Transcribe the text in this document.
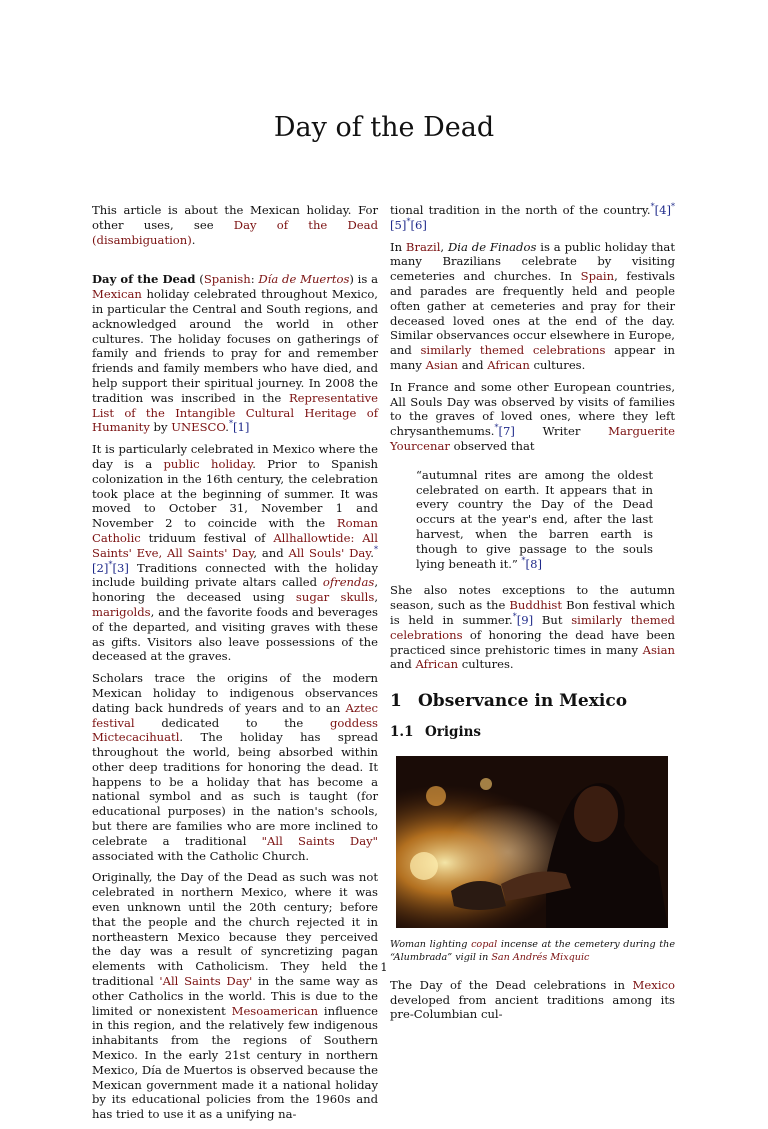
Day of the Dead

This article is about the Mexican holiday. For other uses, see Day of the Dead (disambiguation).

Day of the Dead (Spanish: Día de Muertos) is a Mexican holiday celebrated throughout Mexico, in particular the Central and South regions, and acknowledged around the world in other cultures. The holiday focuses on gatherings of family and friends to pray for and remember friends and family members who have died, and help support their spiritual journey. In 2008 the tradition was inscribed in the Representative List of the Intangible Cultural Heritage of Humanity by UNESCO.*[1]

It is particularly celebrated in Mexico where the day is a public holiday. Prior to Spanish colonization in the 16th century, the celebration took place at the beginning of summer. It was moved to October 31, November 1 and November 2 to coincide with the Roman Catholic triduum festival of Allhallowtide: All Saints' Eve, All Saints' Day, and All Souls' Day.*[2]*[3] Traditions connected with the holiday include building private altars called ofrendas, honoring the deceased using sugar skulls, marigolds, and the favorite foods and beverages of the departed, and visiting graves with these as gifts. Visitors also leave possessions of the deceased at the graves.

Scholars trace the origins of the modern Mexican holiday to indigenous observances dating back hundreds of years and to an Aztec festival dedicated to the goddess Mictecacihuatl. The holiday has spread throughout the world, being absorbed within other deep traditions for honoring the dead. It happens to be a holiday that has become a national symbol and as such is taught (for educational purposes) in the nation's schools, but there are families who are more inclined to celebrate a traditional "All Saints Day" associated with the Catholic Church.

Originally, the Day of the Dead as such was not celebrated in northern Mexico, where it was even unknown until the 20th century; before that the people and the church rejected it in northeastern Mexico because they perceived the day was a result of syncretizing pagan elements with Catholicism. They held the traditional 'All Saints Day' in the same way as other Catholics in the world. This is due to the limited or nonexistent Mesoamerican influence in this region, and the relatively few indigenous inhabitants from the regions of Southern Mexico. In the early 21st century in northern Mexico, Día de Muertos is observed because the Mexican government made it a national holiday by its educational policies from the 1960s and has tried to use it as a unifying na-

tional tradition in the north of the country.*[4]*[5]*[6]

In Brazil, Dia de Finados is a public holiday that many Brazilians celebrate by visiting cemeteries and churches. In Spain, festivals and parades are frequently held and people often gather at cemeteries and pray for their deceased loved ones at the end of the day. Similar observances occur elsewhere in Europe, and similarly themed celebrations appear in many Asian and African cultures.

In France and some other European countries, All Souls Day was observed by visits of families to the graves of loved ones, where they left chrysanthemums.*[7] Writer Marguerite Yourcenar observed that

“autumnal rites are among the oldest celebrated on earth. It appears that in every country the Day of the Dead occurs at the year's end, after the last harvest, when the barren earth is though to give passage to the souls lying beneath it.” *[8]

She also notes exceptions to the autumn season, such as the Buddhist Bon festival which is held in summer.*[9] But similarly themed celebrations of honoring the dead have been practiced since prehistoric times in many Asian and African cultures.

1 Observance in Mexico
1.1 Origins

Woman lighting copal incense at the cemetery during the “Alumbrada” vigil in San Andrés Mixquic

The Day of the Dead celebrations in Mexico developed from ancient traditions among its pre-Columbian cul-

1
